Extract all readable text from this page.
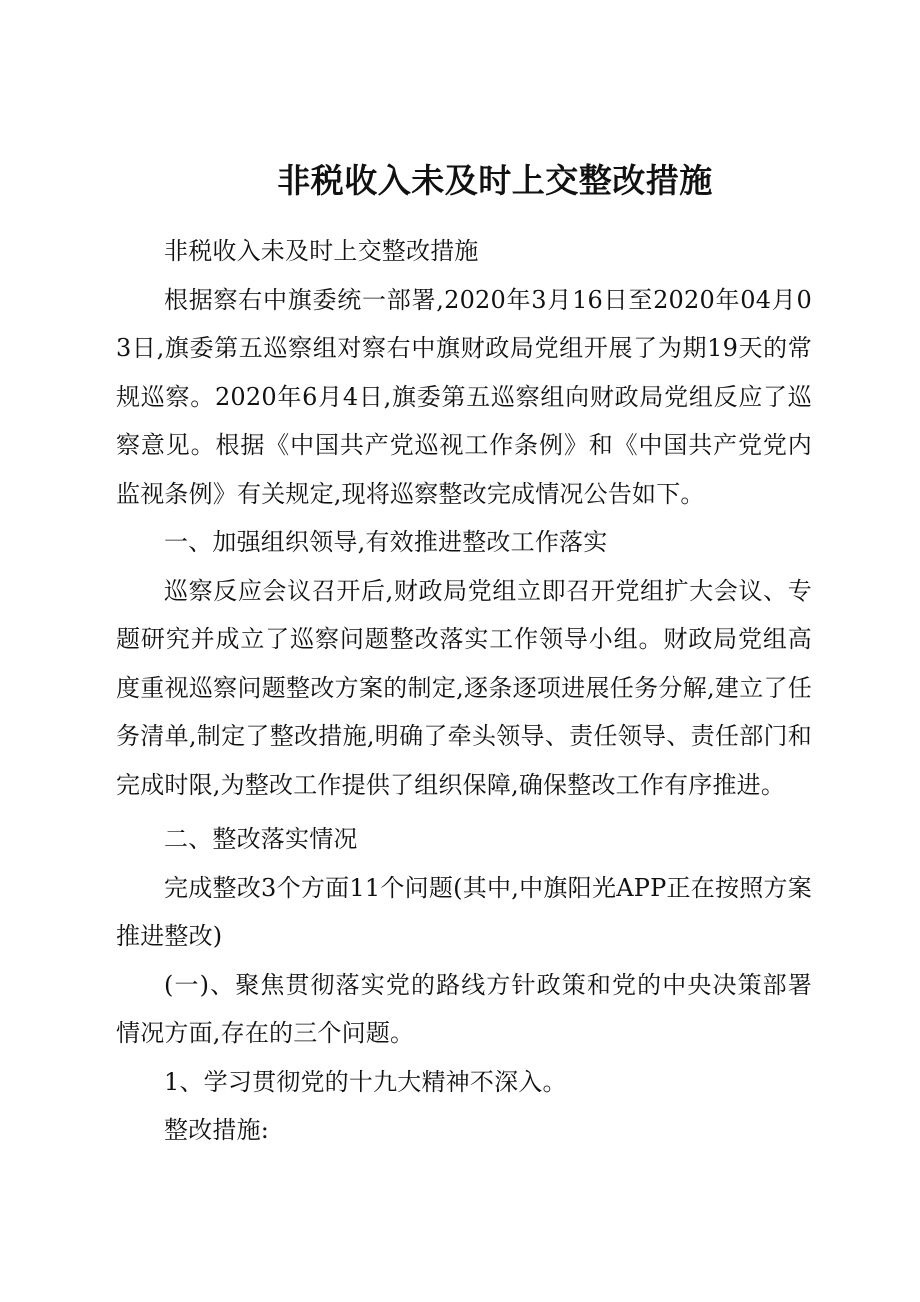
非税收入未及时上交整改措施

非税收入未及时上交整改措施

根据察右中旗委统一部署,2020年3月16日至2020年04月03日,旗委第五巡察组对察右中旗财政局党组开展了为期19天的常规巡察。2020年6月4日,旗委第五巡察组向财政局党组反应了巡察意见。根据《中国共产党巡视工作条例》和《中国共产党党内监视条例》有关规定,现将巡察整改完成情况公告如下。

一、加强组织领导,有效推进整改工作落实

巡察反应会议召开后,财政局党组立即召开党组扩大会议、专题研究并成立了巡察问题整改落实工作领导小组。财政局党组高度重视巡察问题整改方案的制定,逐条逐项进展任务分解,建立了任务清单,制定了整改措施,明确了牵头领导、责任领导、责任部门和完成时限,为整改工作提供了组织保障,确保整改工作有序推进。

二、整改落实情况

完成整改3个方面11个问题(其中,中旗阳光APP正在按照方案推进整改)

(一)、聚焦贯彻落实党的路线方针政策和党的中央决策部署情况方面,存在的三个问题。

1、学习贯彻党的十九大精神不深入。

整改措施:
